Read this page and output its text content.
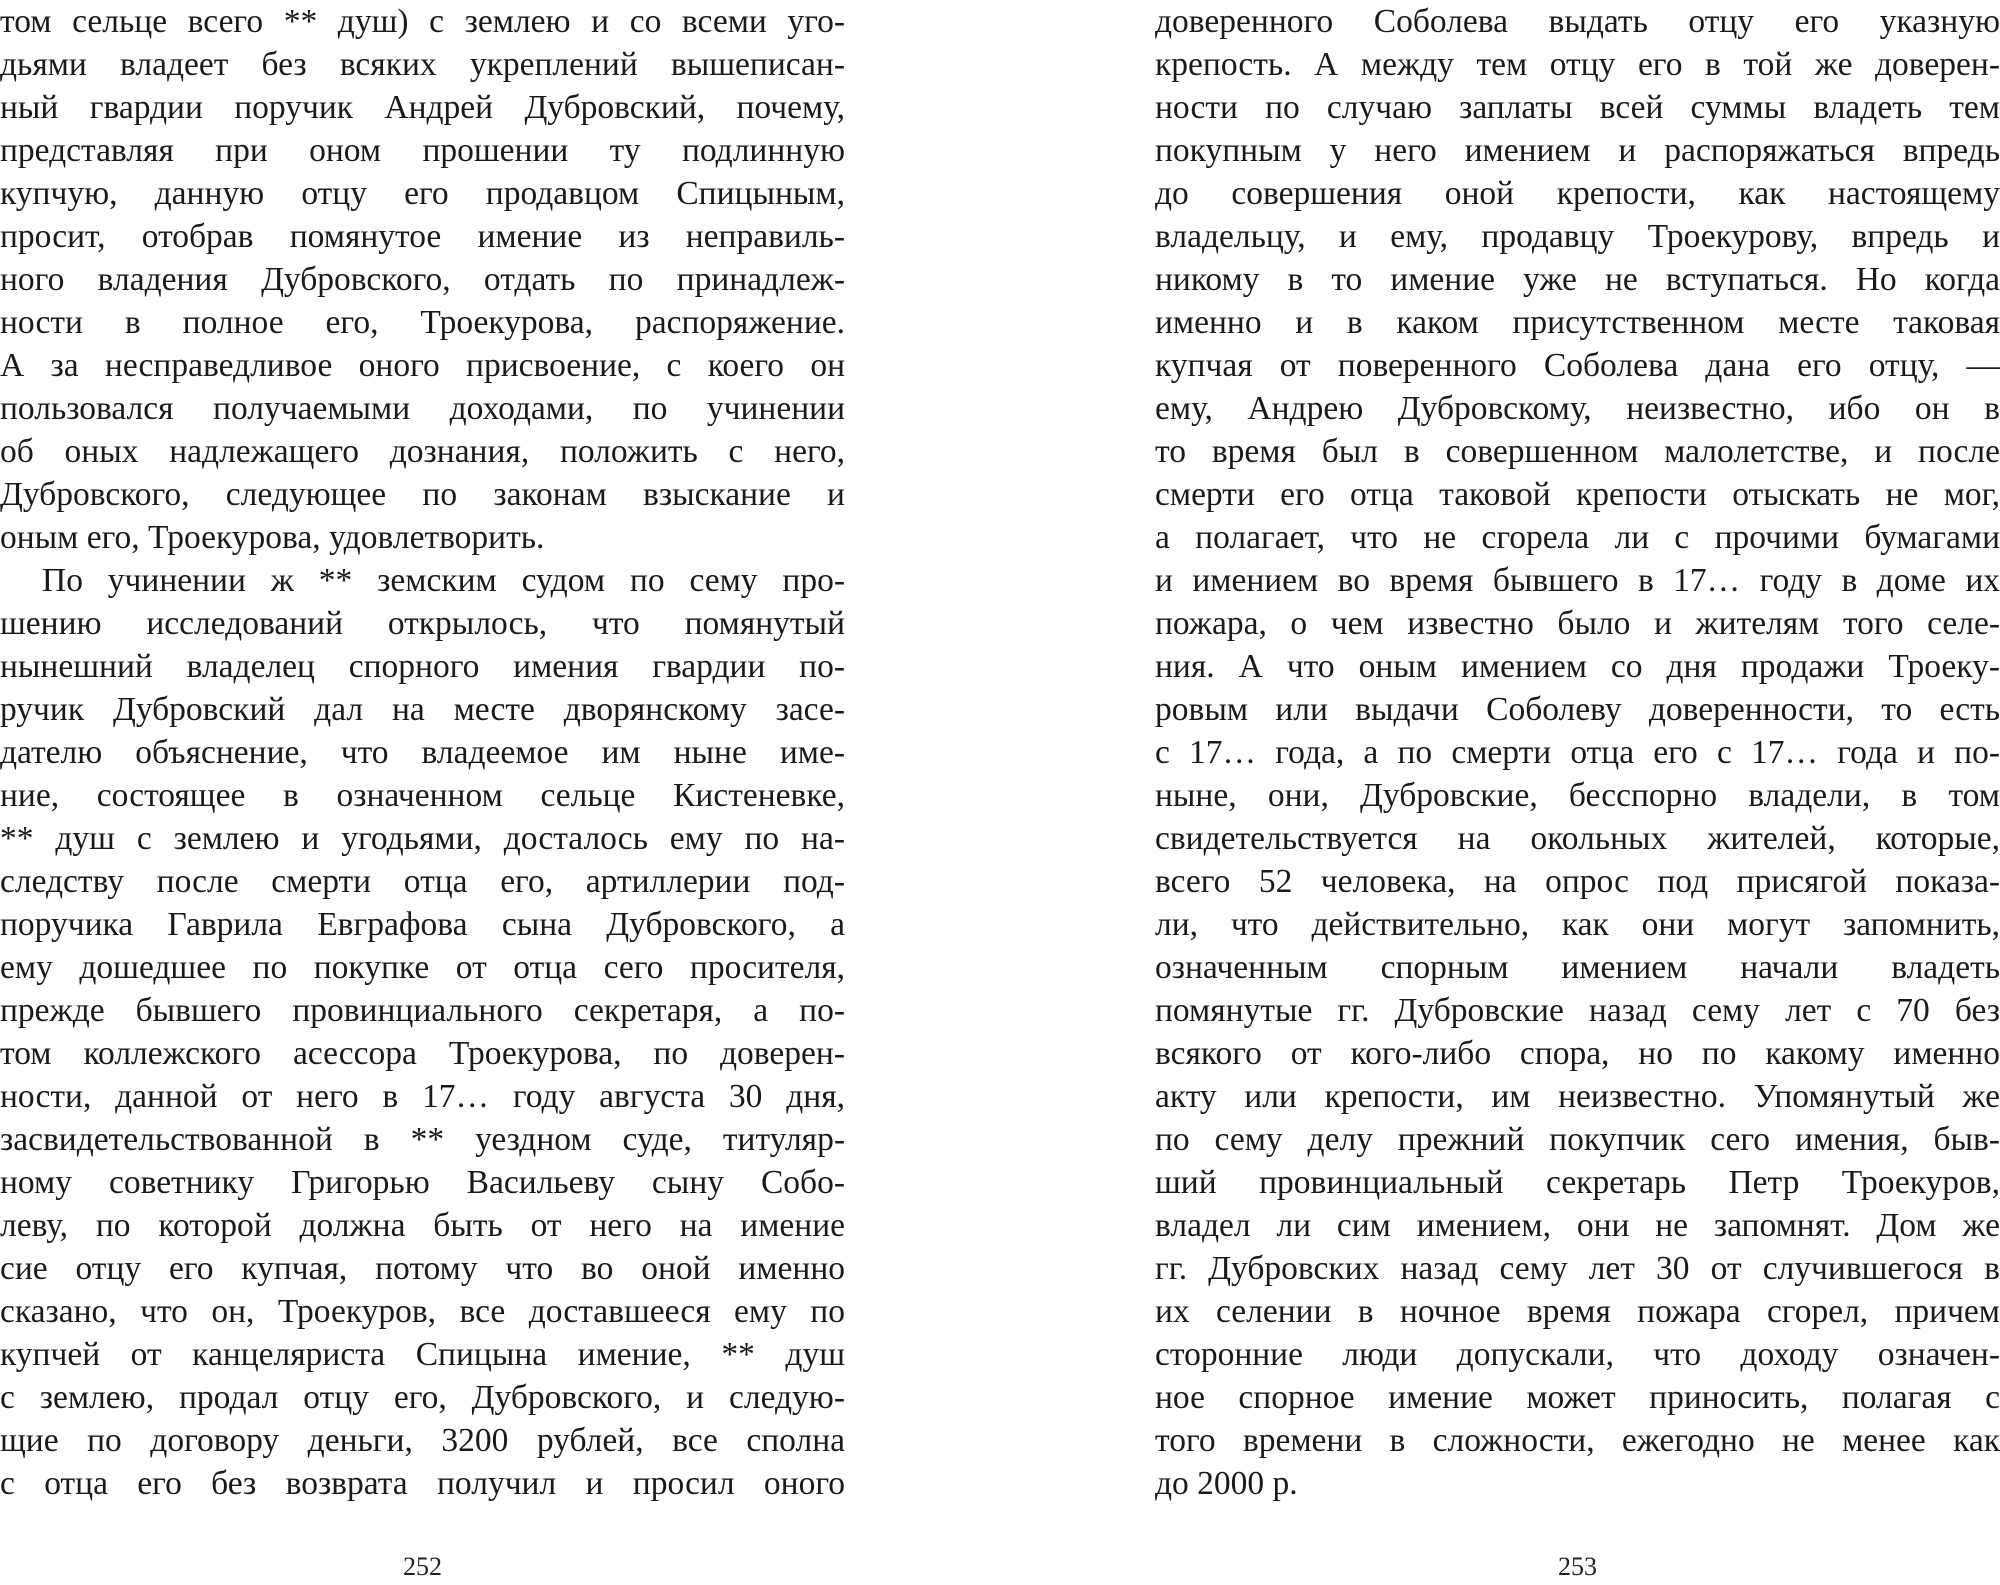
том сельце всего ** душ) с землею и со всеми уго-
дьями владеет без всяких укреплений вышеписан-
ный гвардии поручик Андрей Дубровский, почему,
представляя при оном прошении ту подлинную
купчую, данную отцу его продавцом Спицыным,
просит, отобрав помянутое имение из неправиль-
ного владения Дубровского, отдать по принадлеж-
ности в полное его, Троекурова, распоряжение.
А за несправедливое оного присвоение, с коего он
пользовался получаемыми доходами, по учинении
об оных надлежащего дознания, положить с него,
Дубровского, следующее по законам взыскание и
оным его, Троекурова, удовлетворить.
По учинении ж ** земским судом по сему про-
шению исследований открылось, что помянутый
нынешний владелец спорного имения гвардии по-
ручик Дубровский дал на месте дворянскому засе-
дателю объяснение, что владеемое им ныне име-
ние, состоящее в означенном сельце Кистеневке,
** душ с землею и угодьями, досталось ему по на-
следству после смерти отца его, артиллерии под-
поручика Гаврила Евграфова сына Дубровского, а
ему дошедшее по покупке от отца сего просителя,
прежде бывшего провинциального секретаря, а по-
том коллежского асессора Троекурова, по доверен-
ности, данной от него в 17… году августа 30 дня,
засвидетельствованной в ** уездном суде, титуляр-
ному советнику Григорью Васильеву сыну Собо-
леву, по которой должна быть от него на имение
сие отцу его купчая, потому что во оной именно
сказано, что он, Троекуров, все доставшееся ему по
купчей от канцеляриста Спицына имение, ** душ
с землею, продал отцу его, Дубровского, и следую-
щие по договору деньги, 3200 рублей, все сполна
с отца его без возврата получил и просил оного
252
доверенного Соболева выдать отцу его указную
крепость. А между тем отцу его в той же доверен-
ности по случаю заплаты всей суммы владеть тем
покупным у него имением и распоряжаться впредь
до совершения оной крепости, как настоящему
владельцу, и ему, продавцу Троекурову, впредь и
никому в то имение уже не вступаться. Но когда
именно и в каком присутственном месте таковая
купчая от поверенного Соболева дана его отцу, —
ему, Андрею Дубровскому, неизвестно, ибо он в
то время был в совершенном малолетстве, и после
смерти его отца таковой крепости отыскать не мог,
а полагает, что не сгорела ли с прочими бумагами
и имением во время бывшего в 17… году в доме их
пожара, о чем известно было и жителям того селе-
ния. А что оным имением со дня продажи Троеку-
ровым или выдачи Соболеву доверенности, то есть
с 17… года, а по смерти отца его с 17… года и по-
ныне, они, Дубровские, бесспорно владели, в том
свидетельствуется на окольных жителей, которые,
всего 52 человека, на опрос под присягой показа-
ли, что действительно, как они могут запомнить,
означенным спорным имением начали владеть
помянутые гг. Дубровские назад сему лет с 70 без
всякого от кого-либо спора, но по какому именно
акту или крепости, им неизвестно. Упомянутый же
по сему делу прежний покупчик сего имения, быв-
ший провинциальный секретарь Петр Троекуров,
владел ли сим имением, они не запомнят. Дом же
гг. Дубровских назад сему лет 30 от случившегося в
их селении в ночное время пожара сгорел, причем
сторонние люди допускали, что доходу означен-
ное спорное имение может приносить, полагая с
того времени в сложности, ежегодно не менее как
до 2000 р.
253
